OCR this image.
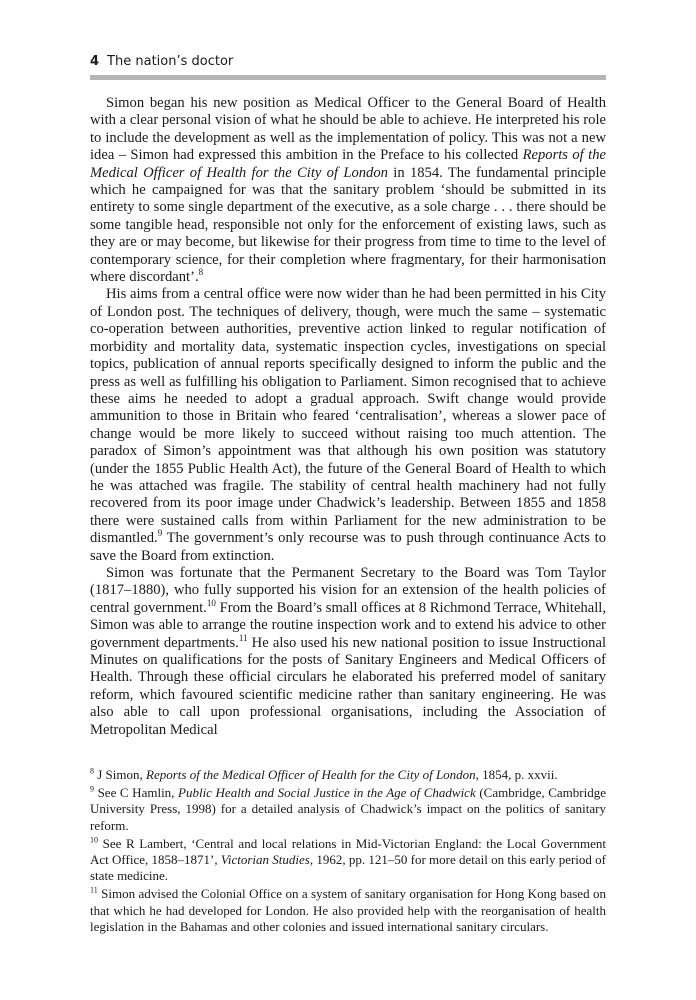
4 The nation’s doctor

Simon began his new position as Medical Officer to the General Board of Health with a clear personal vision of what he should be able to achieve. He interpreted his role to include the development as well as the implementation of policy. This was not a new idea – Simon had expressed this ambition in the Preface to his collected Reports of the Medical Officer of Health for the City of London in 1854. The fundamental principle which he campaigned for was that the sanitary problem ‘should be submitted in its entirety to some single department of the executive, as a sole charge . . . there should be some tangible head, responsible not only for the enforcement of existing laws, such as they are or may become, but likewise for their progress from time to time to the level of contemporary science, for their completion where fragmentary, for their harmonisation where discordant’.$^8$

His aims from a central office were now wider than he had been permitted in his City of London post. The techniques of delivery, though, were much the same – systematic co-operation between authorities, preventive action linked to regular notification of morbidity and mortality data, systematic inspection cycles, investigations on special topics, publication of annual reports specifically designed to inform the public and the press as well as fulfilling his obligation to Parliament. Simon recognised that to achieve these aims he needed to adopt a gradual approach. Swift change would provide ammunition to those in Britain who feared ‘centralisation’, whereas a slower pace of change would be more likely to succeed without raising too much attention. The paradox of Simon’s appointment was that although his own position was statutory (under the 1855 Public Health Act), the future of the General Board of Health to which he was attached was fragile. The stability of central health machinery had not fully recovered from its poor image under Chadwick’s leadership. Between 1855 and 1858 there were sustained calls from within Parliament for the new administration to be dismantled.$^9$ The government’s only recourse was to push through continuance Acts to save the Board from extinction.

Simon was fortunate that the Permanent Secretary to the Board was Tom Taylor (1817–1880), who fully supported his vision for an extension of the health policies of central government.$^{10}$ From the Board’s small offices at 8 Richmond Terrace, Whitehall, Simon was able to arrange the routine inspection work and to extend his advice to other government departments.$^{11}$ He also used his new national position to issue Instructional Minutes on qualifications for the posts of Sanitary Engineers and Medical Officers of Health. Through these official circulars he elaborated his preferred model of sanitary reform, which favoured scientific medicine rather than sanitary engineering. He was also able to call upon professional organisations, including the Association of Metropolitan Medical

$^8$ J Simon, Reports of the Medical Officer of Health for the City of London, 1854, p. xxvii.

$^9$ See C Hamlin, Public Health and Social Justice in the Age of Chadwick (Cambridge, Cambridge University Press, 1998) for a detailed analysis of Chadwick’s impact on the politics of sanitary reform.

$^{10}$ See R Lambert, ‘Central and local relations in Mid-Victorian England: the Local Government Act Office, 1858–1871’, Victorian Studies, 1962, pp. 121–50 for more detail on this early period of state medicine.

$^{11}$ Simon advised the Colonial Office on a system of sanitary organisation for Hong Kong based on that which he had developed for London. He also provided help with the reorganisation of health legislation in the Bahamas and other colonies and issued international sanitary circulars.
